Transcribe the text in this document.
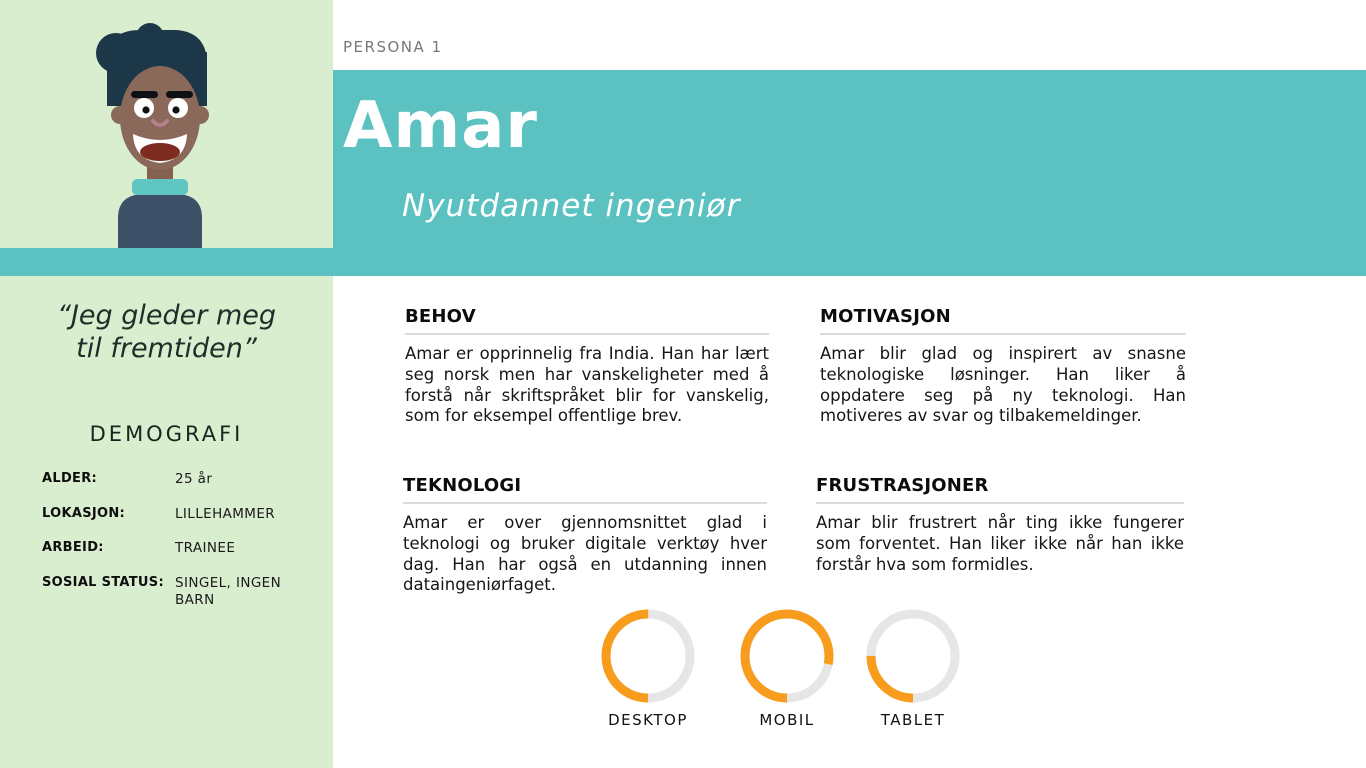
“Jeg gleder meg til fremtiden”
DEMOGRAFI
ALDER:	25 år
LOKASJON:	LILLEHAMMER
ARBEID:	TRAINEE
SOSIAL STATUS: SINGEL, INGEN BARN
PERSONA 1
Amar
Nyutdannet ingeniør
BEHOV

Amar er opprinnelig fra India. Han har lært seg norsk men har vanskeligheter med å forstå når skriftspråket blir for vanskelig, som for eksempel offentlige brev.

MOTIVASJON

Amar blir glad og inspirert av snasne teknologiske løsninger. Han liker å oppdatere seg på ny teknologi. Han motiveres av svar og tilbakemeldinger.

TEKNOLOGI

Amar er over gjennomsnittet glad i teknologi og bruker digitale verktøy hver dag. Han har også en utdanning innen dataingeniørfaget.

FRUSTRASJONER

Amar blir frustrert når ting ikke fungerer som forventet. Han liker ikke når han ikke forstår hva som formidles.

DESKTOP	MOBIL	TABLET
